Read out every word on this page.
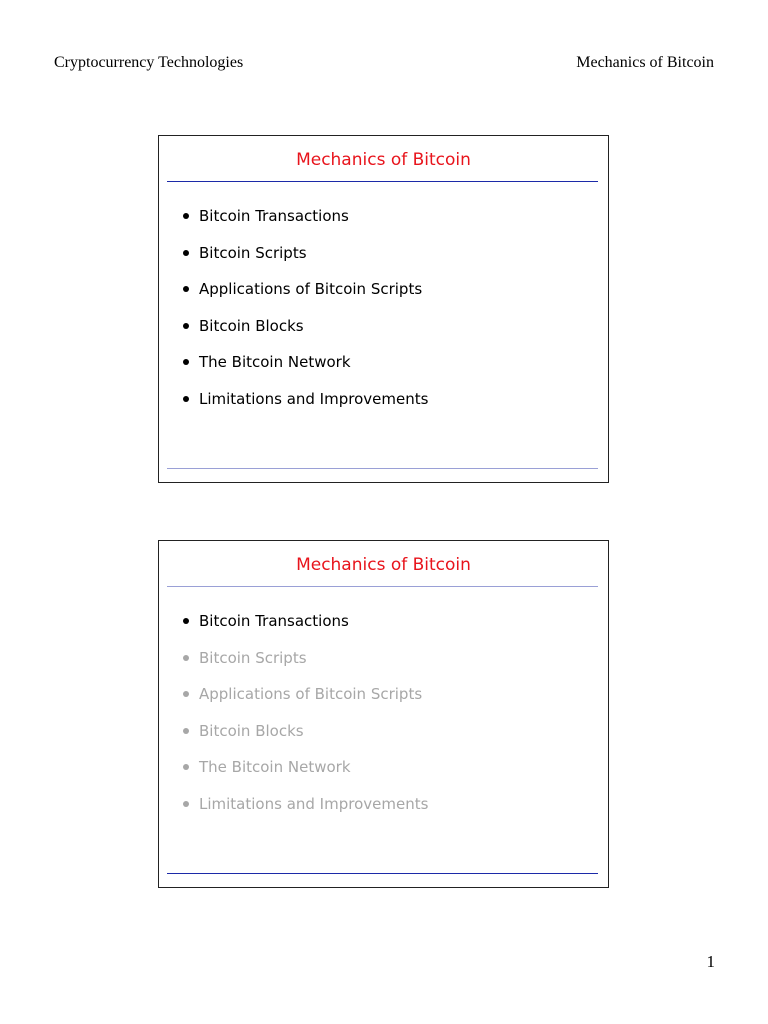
Cryptocurrency Technologies	Mechanics of Bitcoin
Mechanics of Bitcoin
Bitcoin Transactions
Bitcoin Scripts
Applications of Bitcoin Scripts
Bitcoin Blocks
The Bitcoin Network
Limitations and Improvements
Mechanics of Bitcoin
Bitcoin Transactions
Bitcoin Scripts
Applications of Bitcoin Scripts
Bitcoin Blocks
The Bitcoin Network
Limitations and Improvements
1
